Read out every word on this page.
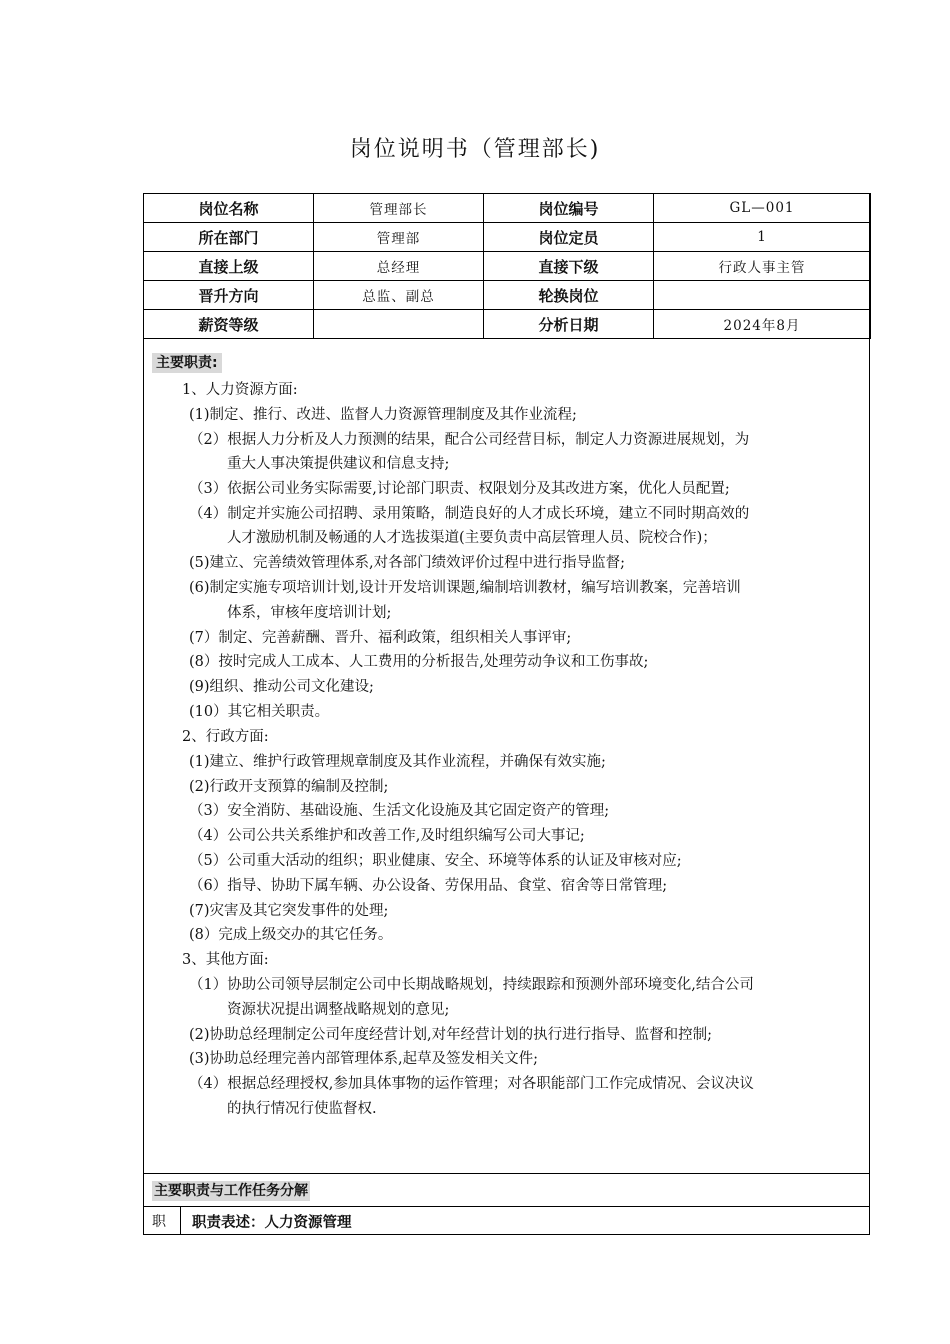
岗位说明书（管理部长)
岗位名称	管理部长	岗位编号	GL—001
所在部门	管理部	岗位定员	1
直接上级	总经理	直接下级	行政人事主管
晋升方向	总监、副总	轮换岗位	
薪资等级		分析日期	2024年8月
主要职责:
1、人力资源方面:
(1)制定、推行、改进、监督人力资源管理制度及其作业流程;
（2）根据人力分析及人力预测的结果，配合公司经营目标，制定人力资源进展规划，为
重大人事决策提供建议和信息支持;
（3）依据公司业务实际需要,讨论部门职责、权限划分及其改进方案，优化人员配置;
（4）制定并实施公司招聘、录用策略，制造良好的人才成长环境，建立不同时期高效的
人才激励机制及畅通的人才选拔渠道(主要负责中高层管理人员、院校合作)；
(5)建立、完善绩效管理体系,对各部门绩效评价过程中进行指导监督;
(6)制定实施专项培训计划,设计开发培训课题,编制培训教材，编写培训教案，完善培训
体系，审核年度培训计划;
(7）制定、完善薪酬、晋升、福利政策，组织相关人事评审;
(8）按时完成人工成本、人工费用的分析报告,处理劳动争议和工伤事故;
(9)组织、推动公司文化建设;
(10）其它相关职责。
2、行政方面:
(1)建立、维护行政管理规章制度及其作业流程，并确保有效实施;
(2)行政开支预算的编制及控制;
（3）安全消防、基础设施、生活文化设施及其它固定资产的管理;
（4）公司公共关系维护和改善工作,及时组织编写公司大事记;
（5）公司重大活动的组织；职业健康、安全、环境等体系的认证及审核对应;
（6）指导、协助下属车辆、办公设备、劳保用品、食堂、宿舍等日常管理;
(7)灾害及其它突发事件的处理;
(8）完成上级交办的其它任务。
3、其他方面:
（1）协助公司领导层制定公司中长期战略规划，持续跟踪和预测外部环境变化,结合公司
资源状况提出调整战略规划的意见;
(2)协助总经理制定公司年度经营计划,对年经营计划的执行进行指导、监督和控制;
(3)协助总经理完善内部管理体系,起草及签发相关文件;
（4）根据总经理授权,参加具体事物的运作管理；对各职能部门工作完成情况、会议决议
的执行情况行使监督权.
主要职责与工作任务分解
职 职责表述：人力资源管理
